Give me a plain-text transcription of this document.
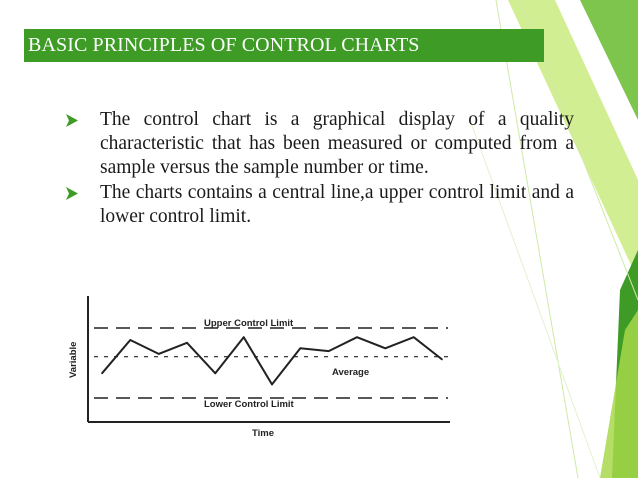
BASIC PRINCIPLES OF CONTROL CHARTS
The control chart is a graphical display of a quality characteristic that has been measured or computed from a sample versus the sample number or time.
The charts contains a central line,a upper control limit and a lower control limit.
Upper Control Limit
Average
Lower Control Limit
Time
Variable
